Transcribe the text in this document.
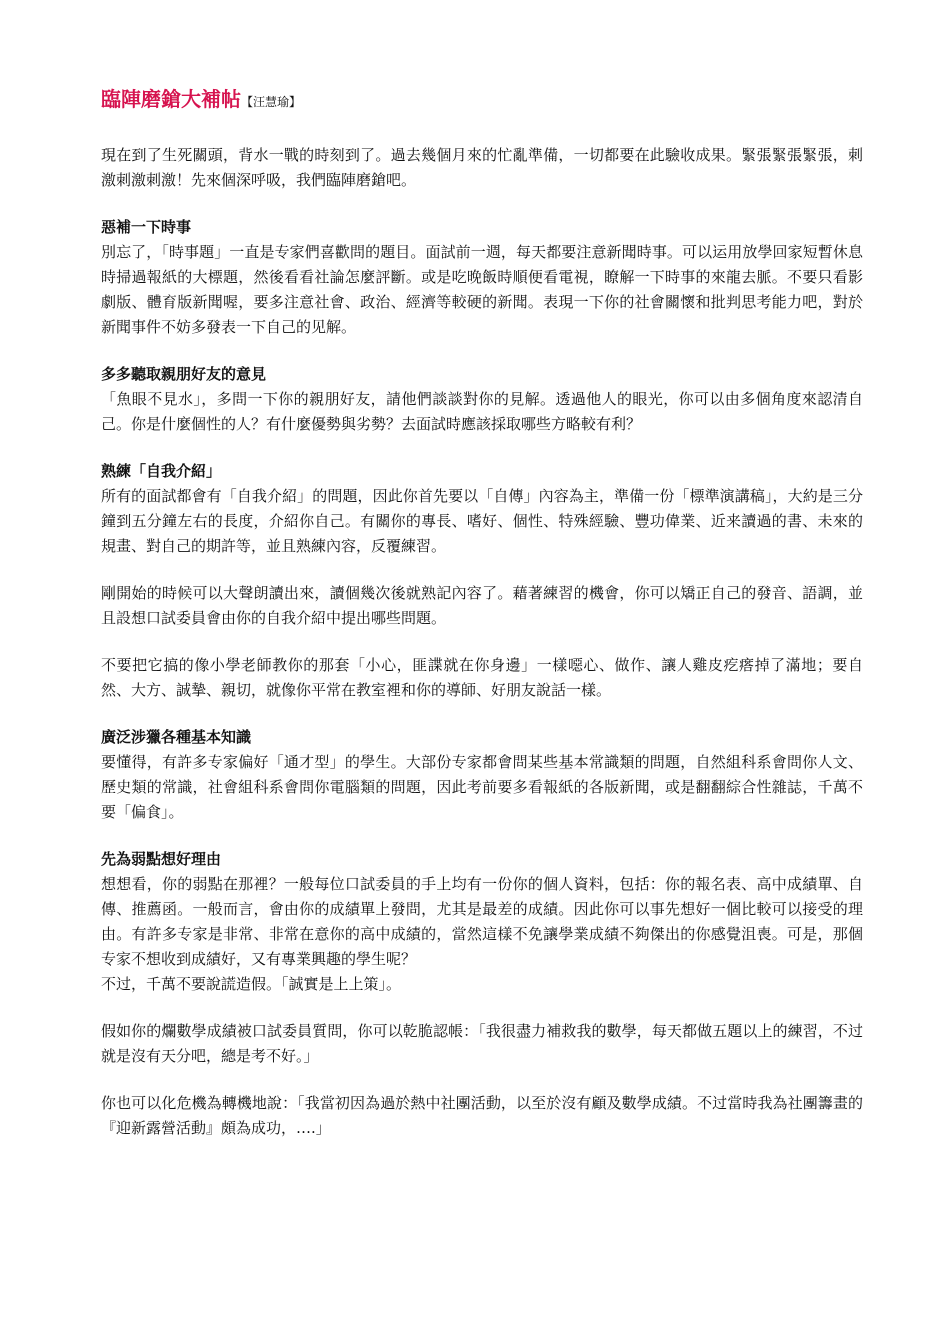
臨陣磨鎗大補帖【汪慧瑜】

現在到了生死關頭，背水一戰的時刻到了。過去幾個月來的忙亂準備，一切都要在此驗收成果。緊張緊張緊張，刺激刺激刺激！先來個深呼吸，我們臨陣磨鎗吧。

惡補一下時事

別忘了，「時事題」一直是专家們喜歡問的題目。面試前一週，每天都要注意新聞時事。可以运用放學回家短暫休息時掃過報紙的大標題，然後看看社論怎麼評斷。或是吃晚飯時順便看電視，瞭解一下時事的來龍去脈。不要只看影劇版、體育版新聞喔，要多注意社會、政治、經濟等較硬的新聞。表現一下你的社會關懷和批判思考能力吧，對於新聞事件不妨多發表一下自己的见解。

多多聽取親朋好友的意見

「魚眼不見水」，多問一下你的親朋好友，請他們談談對你的見解。透過他人的眼光，你可以由多個角度來認清自己。你是什麼個性的人？有什麼優勢與劣勢？去面試時應該採取哪些方略較有利？

熟練「自我介紹」

所有的面試都會有「自我介紹」的問題，因此你首先要以「自傳」內容為主，準備一份「標準演講稿」，大約是三分鐘到五分鐘左右的長度，介紹你自己。有關你的專長、嗜好、個性、特殊經驗、豐功偉業、近来讀過的書、未來的規畫、對自己的期許等，並且熟練內容，反覆練習。

剛開始的時候可以大聲朗讀出來，讀個幾次後就熟記內容了。藉著練習的機會，你可以矯正自己的發音、語調，並且設想口試委員會由你的自我介紹中提出哪些問題。

不要把它搞的像小學老師教你的那套「小心，匪諜就在你身邊」一樣噁心、做作、讓人雞皮疙瘩掉了滿地；要自然、大方、誠摯、親切，就像你平常在教室裡和你的導師、好朋友說話一樣。

廣泛涉獵各種基本知識

要懂得，有許多专家偏好「通才型」的學生。大部份专家都會問某些基本常識類的問題，自然組科系會問你人文、歷史類的常識，社會組科系會問你電腦類的問題，因此考前要多看報紙的各版新聞，或是翻翻綜合性雜誌，千萬不要「偏食」。

先為弱點想好理由

想想看，你的弱點在那裡？一般每位口試委員的手上均有一份你的個人資料，包括：你的報名表、高中成績單、自傳、推薦函。一般而言，會由你的成績單上發問，尤其是最差的成績。因此你可以事先想好一個比較可以接受的理由。有許多专家是非常、非常在意你的高中成績的，當然這樣不免讓學業成績不夠傑出的你感覺沮喪。可是，那個专家不想收到成績好，又有專業興趣的學生呢？
不过，千萬不要說謊造假。「誠實是上上策」。

假如你的爛數學成績被口試委員質問，你可以乾脆認帳：「我很盡力補救我的數學，每天都做五題以上的練習，不过就是沒有天分吧，總是考不好。」

你也可以化危機為轉機地說：「我當初因為過於熱中社團活動，以至於沒有顧及數學成績。不过當時我為社團籌畫的『迎新露營活動』頗為成功，….」
